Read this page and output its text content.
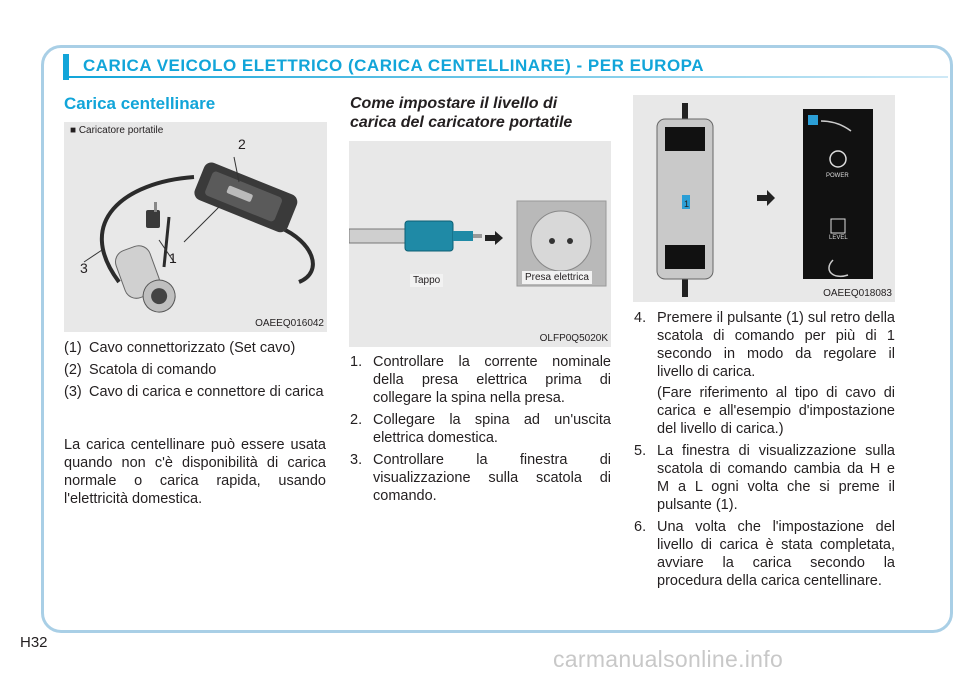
CARICA VEICOLO ELETTRICO (CARICA CENTELLINARE) - PER EUROPA
Carica centellinare
■ Caricatore portatile
2
1
3
OAEEQ016042
(1) Cavo connettorizzato (Set cavo)
(2) Scatola di comando
(3) Cavo di carica e connettore di carica
La carica centellinare può essere usata quando non c'è disponibilità di carica normale o carica rapida, usando l'elettricità domestica.
Come impostare il livello di carica del caricatore portatile
Tappo	Presa elettrica
OLFP0Q5020K
1. Controllare la corrente nominale della presa elettrica prima di collegare la spina nella presa.
2. Collegare la spina ad un'uscita elettrica domestica.
3. Controllare la finestra di visualizzazione sulla scatola di comando.
1
POWER
LEVEL
OAEEQ018083
4. Premere il pulsante (1) sul retro della scatola di comando per più di 1 secondo in modo da regolare il livello di carica.
(Fare riferimento al tipo di cavo di carica e all'esempio d'impostazione del livello di carica.)
5. La finestra di visualizzazione sulla scatola di comando cambia da H e M a L ogni volta che si preme il pulsante (1).
6. Una volta che l'impostazione del livello di carica è stata completata, avviare la carica secondo la procedura della carica centellinare.
H32
carmanualsonline.info
